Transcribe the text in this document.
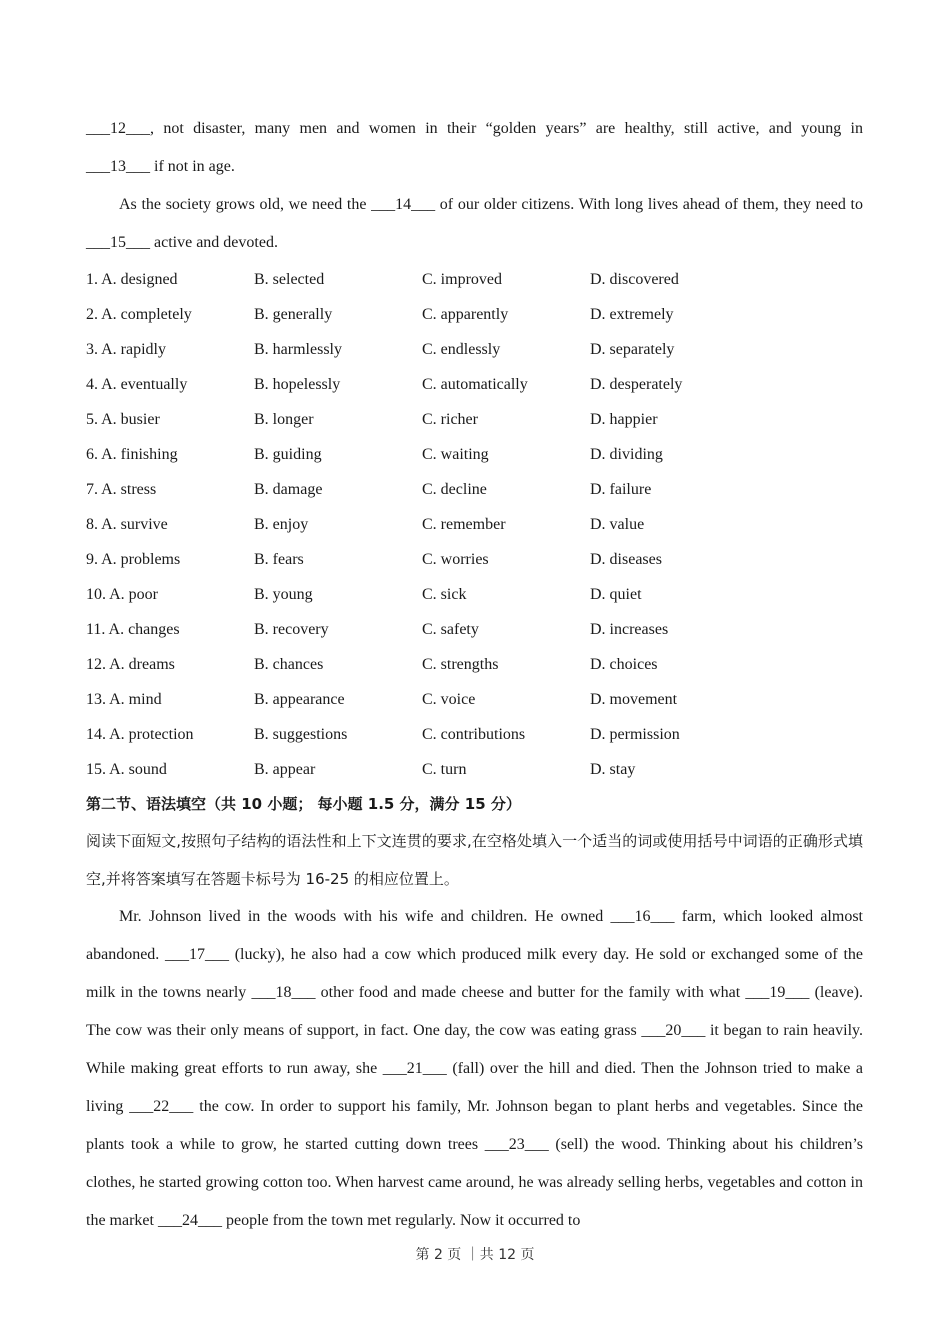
___12___, not disaster, many men and women in their “golden years” are healthy, still active, and young in

___13___ if not in age.

As the society grows old, we need the ___14___ of our older citizens. With long lives ahead of them, they need to ___15___ active and devoted.

1. A. designed	B. selected	C. improved	D. discovered
2. A. completely	B. generally	C. apparently	D. extremely
3. A. rapidly	B. harmlessly	C. endlessly	D. separately
4. A. eventually	B. hopelessly	C. automatically	D. desperately
5. A. busier	B. longer	C. richer	D. happier
6. A. finishing	B. guiding	C. waiting	D. dividing
7. A. stress	B. damage	C. decline	D. failure
8. A. survive	B. enjoy	C. remember	D. value
9. A. problems	B. fears	C. worries	D. diseases
10. A. poor	B. young	C. sick	D. quiet
11. A. changes	B. recovery	C. safety	D. increases
12. A. dreams	B. chances	C. strengths	D. choices
13. A. mind	B. appearance	C. voice	D. movement
14. A. protection	B. suggestions	C. contributions	D. permission
15. A. sound	B. appear	C. turn	D. stay

第二节、语法填空（共 10 小题； 每小题 1.5 分，满分 15 分）

阅读下面短文,按照句子结构的语法性和上下文连贯的要求,在空格处填入一个适当的词或使用括号中词语的正确形式填空,并将答案填写在答题卡标号为 16-25 的相应位置上。

Mr. Johnson lived in the woods with his wife and children. He owned ___16___ farm, which looked almost abandoned. ___17___ (lucky), he also had a cow which produced milk every day. He sold or exchanged some of the milk in the towns nearly ___18___ other food and made cheese and butter for the family with what ___19___ (leave). The cow was their only means of support, in fact. One day, the cow was eating grass ___20___ it began to rain heavily. While making great efforts to run away, she ___21___ (fall) over the hill and died. Then the Johnson tried to make a living ___22___ the cow. In order to support his family, Mr. Johnson began to plant herbs and vegetables. Since the plants took a while to grow, he started cutting down trees ___23___ (sell) the wood. Thinking about his children’s clothes, he started growing cotton too. When harvest came around, he was already selling herbs, vegetables and cotton in the market ___24___ people from the town met regularly. Now it occurred to

第 2 页 ｜共 12 页
